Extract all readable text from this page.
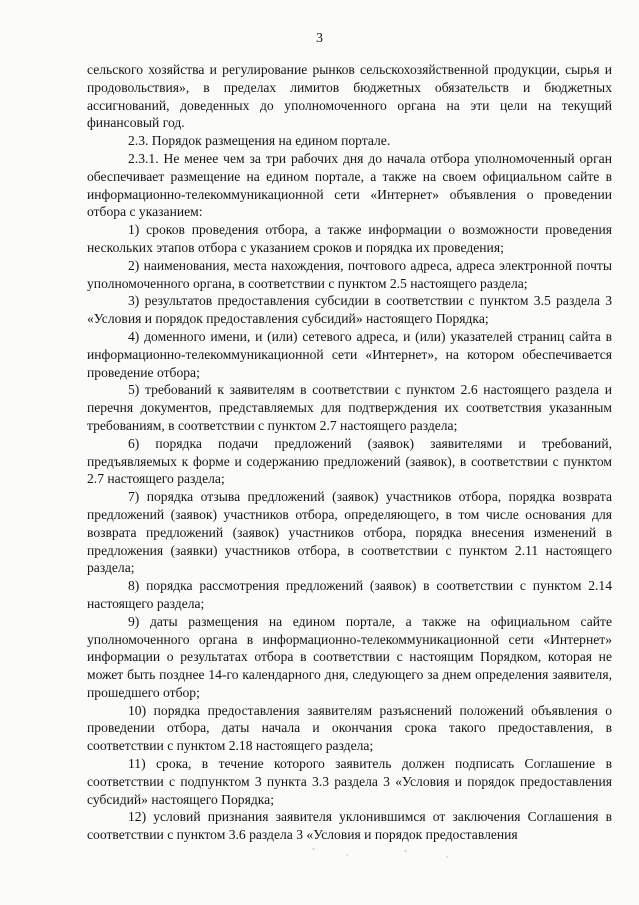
3

сельского хозяйства и регулирование рынков сельскохозяйственной продукции, сырья и продовольствия», в пределах лимитов бюджетных обязательств и бюджетных ассигнований, доведенных до уполномоченного органа на эти цели на текущий финансовый год.

2.3. Порядок размещения на едином портале.

2.3.1. Не менее чем за три рабочих дня до начала отбора уполномоченный орган обеспечивает размещение на едином портале, а также на своем официальном сайте в информационно-телекоммуникационной сети «Интернет» объявления о проведении отбора с указанием:

1) сроков проведения отбора, а также информации о возможности проведения нескольких этапов отбора с указанием сроков и порядка их проведения;

2) наименования, места нахождения, почтового адреса, адреса электронной почты уполномоченного органа, в соответствии с пунктом 2.5 настоящего раздела;

3) результатов предоставления субсидии в соответствии с пунктом 3.5 раздела 3 «Условия и порядок предоставления субсидий» настоящего Порядка;

4) доменного имени, и (или) сетевого адреса, и (или) указателей страниц сайта в информационно-телекоммуникационной сети «Интернет», на котором обеспечивается проведение отбора;

5) требований к заявителям в соответствии с пунктом 2.6 настоящего раздела и перечня документов, представляемых для подтверждения их соответствия указанным требованиям, в соответствии с пунктом 2.7 настоящего раздела;

6) порядка подачи предложений (заявок) заявителями и требований, предъявляемых к форме и содержанию предложений (заявок), в соответствии с пунктом 2.7 настоящего раздела;

7) порядка отзыва предложений (заявок) участников отбора, порядка возврата предложений (заявок) участников отбора, определяющего, в том числе основания для возврата предложений (заявок) участников отбора, порядка внесения изменений в предложения (заявки) участников отбора, в соответствии с пунктом 2.11 настоящего раздела;

8) порядка рассмотрения предложений (заявок) в соответствии с пунктом 2.14 настоящего раздела;

9) даты размещения на едином портале, а также на официальном сайте уполномоченного органа в информационно-телекоммуникационной сети «Интернет» информации о результатах отбора в соответствии с настоящим Порядком, которая не может быть позднее 14-го календарного дня, следующего за днем определения заявителя, прошедшего отбор;

10) порядка предоставления заявителям разъяснений положений объявления о проведении отбора, даты начала и окончания срока такого предоставления, в соответствии с пунктом 2.18 настоящего раздела;

11) срока, в течение которого заявитель должен подписать Соглашение в соответствии с подпунктом 3 пункта 3.3 раздела 3 «Условия и порядок предоставления субсидий» настоящего Порядка;

12) условий признания заявителя уклонившимся от заключения Соглашения в соответствии с пунктом 3.6 раздела 3 «Условия и порядок предоставления
